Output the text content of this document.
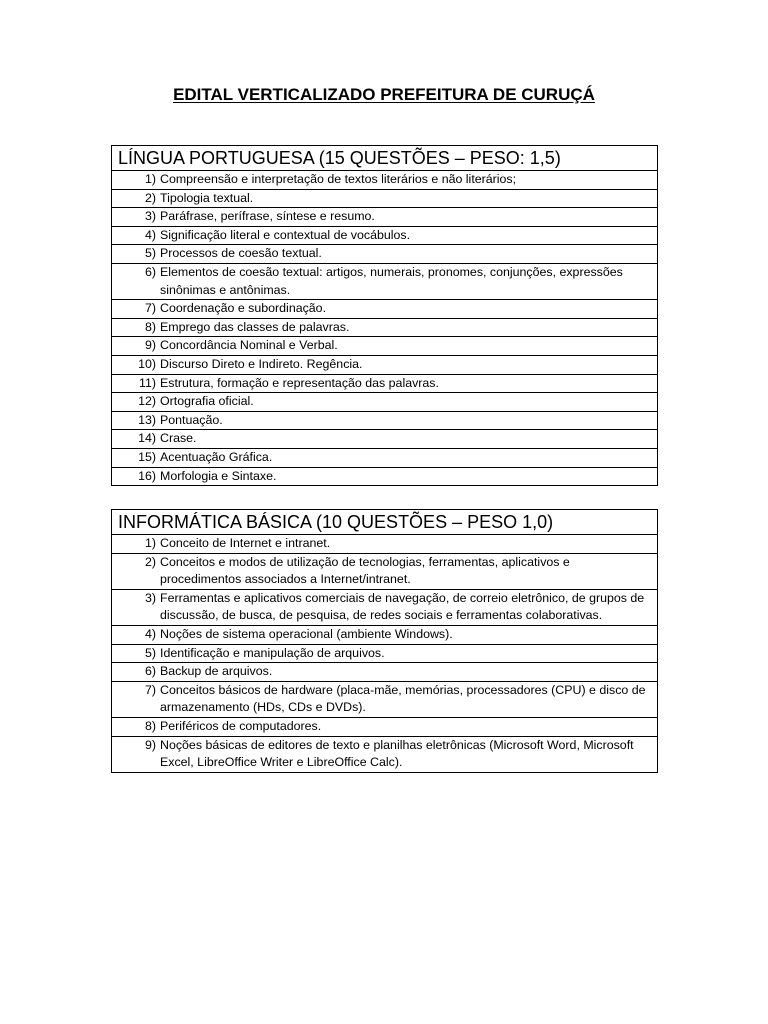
EDITAL VERTICALIZADO PREFEITURA DE CURUÇÁ
LÍNGUA PORTUGUESA (15 QUESTÕES – PESO: 1,5)
1) Compreensão e interpretação de textos literários e não literários;
2) Tipologia textual.
3) Paráfrase, perífrase, síntese e resumo.
4) Significação literal e contextual de vocábulos.
5) Processos de coesão textual.
6) Elementos de coesão textual: artigos, numerais, pronomes, conjunções, expressões sinônimas e antônimas.
7) Coordenação e subordinação.
8) Emprego das classes de palavras.
9) Concordância Nominal e Verbal.
10) Discurso Direto e Indireto. Regência.
11) Estrutura, formação e representação das palavras.
12) Ortografia oficial.
13) Pontuação.
14) Crase.
15) Acentuação Gráfica.
16) Morfologia e Sintaxe.
INFORMÁTICA BÁSICA (10 QUESTÕES – PESO 1,0)
1) Conceito de Internet e intranet.
2) Conceitos e modos de utilização de tecnologias, ferramentas, aplicativos e procedimentos associados a Internet/intranet.
3) Ferramentas e aplicativos comerciais de navegação, de correio eletrônico, de grupos de discussão, de busca, de pesquisa, de redes sociais e ferramentas colaborativas.
4) Noções de sistema operacional (ambiente Windows).
5) Identificação e manipulação de arquivos.
6) Backup de arquivos.
7) Conceitos básicos de hardware (placa-mãe, memórias, processadores (CPU) e disco de armazenamento (HDs, CDs e DVDs).
8) Periféricos de computadores.
9) Noções básicas de editores de texto e planilhas eletrônicas (Microsoft Word, Microsoft Excel, LibreOffice Writer e LibreOffice Calc).
